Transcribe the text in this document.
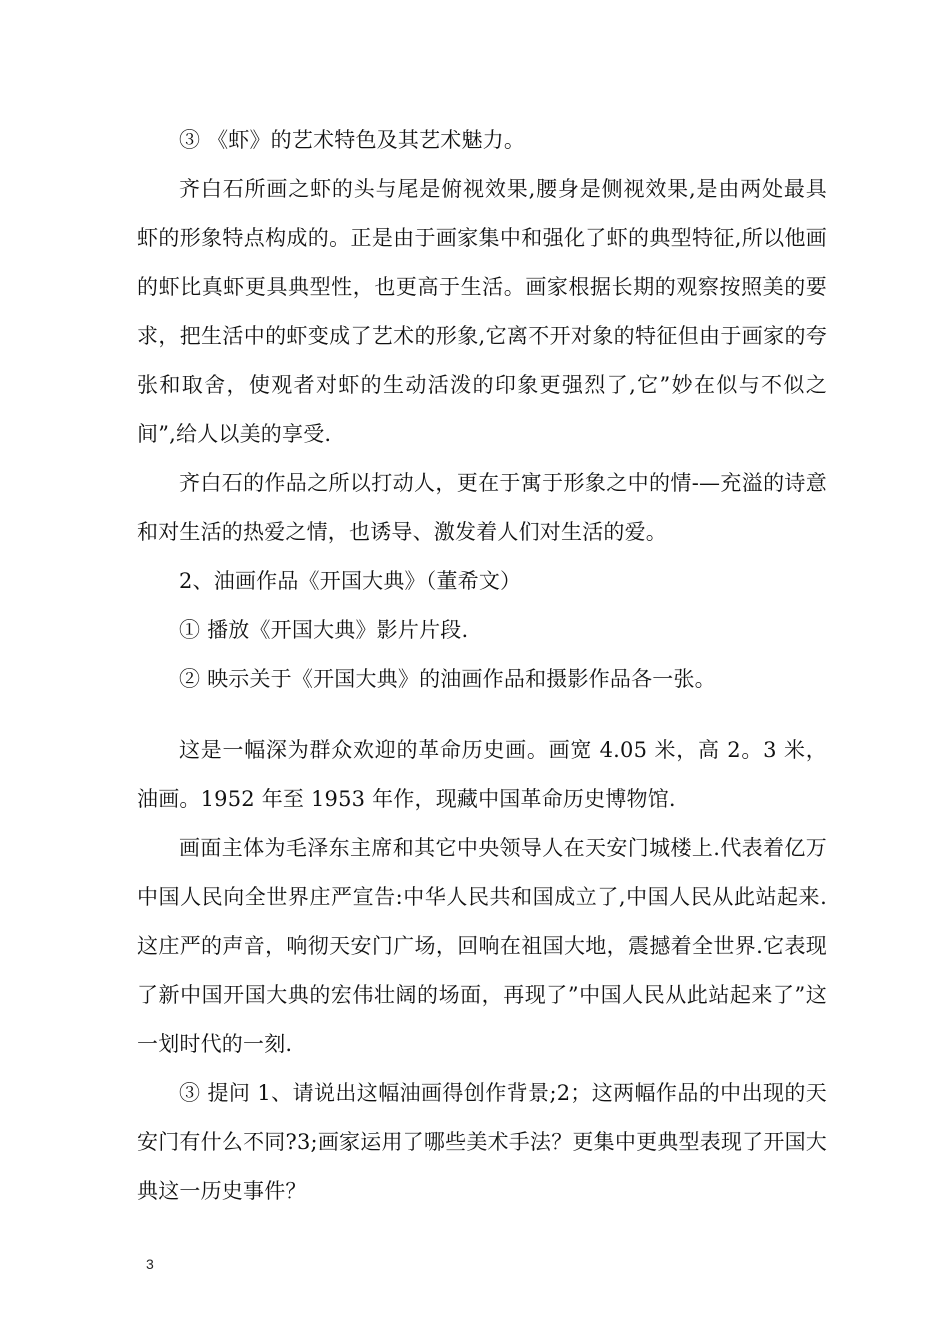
③ 《虾》的艺术特色及其艺术魅力。

齐白石所画之虾的头与尾是俯视效果,腰身是侧视效果,是由两处最具虾的形象特点构成的。正是由于画家集中和强化了虾的典型特征,所以他画的虾比真虾更具典型性，也更高于生活。画家根据长期的观察按照美的要求，把生活中的虾变成了艺术的形象,它离不开对象的特征但由于画家的夸张和取舍，使观者对虾的生动活泼的印象更强烈了,它”妙在似与不似之间”,给人以美的享受.

齐白石的作品之所以打动人，更在于寓于形象之中的情-—充溢的诗意和对生活的热爱之情，也诱导、激发着人们对生活的爱。

2、油画作品《开国大典》（董希文）

① 播放《开国大典》影片片段.

② 映示关于《开国大典》的油画作品和摄影作品各一张。

这是一幅深为群众欢迎的革命历史画。画宽 4.05 米，高 2。3 米，油画。1952 年至 1953 年作，现藏中国革命历史博物馆.

画面主体为毛泽东主席和其它中央领导人在天安门城楼上.代表着亿万中国人民向全世界庄严宣告:中华人民共和国成立了,中国人民从此站起来.这庄严的声音，响彻天安门广场，回响在祖国大地，震撼着全世界.它表现了新中国开国大典的宏伟壮阔的场面，再现了”中国人民从此站起来了”这一划时代的一刻.

③ 提问 1、请说出这幅油画得创作背景;2；这两幅作品的中出现的天安门有什么不同?3;画家运用了哪些美术手法？更集中更典型表现了开国大典这一历史事件？

3
